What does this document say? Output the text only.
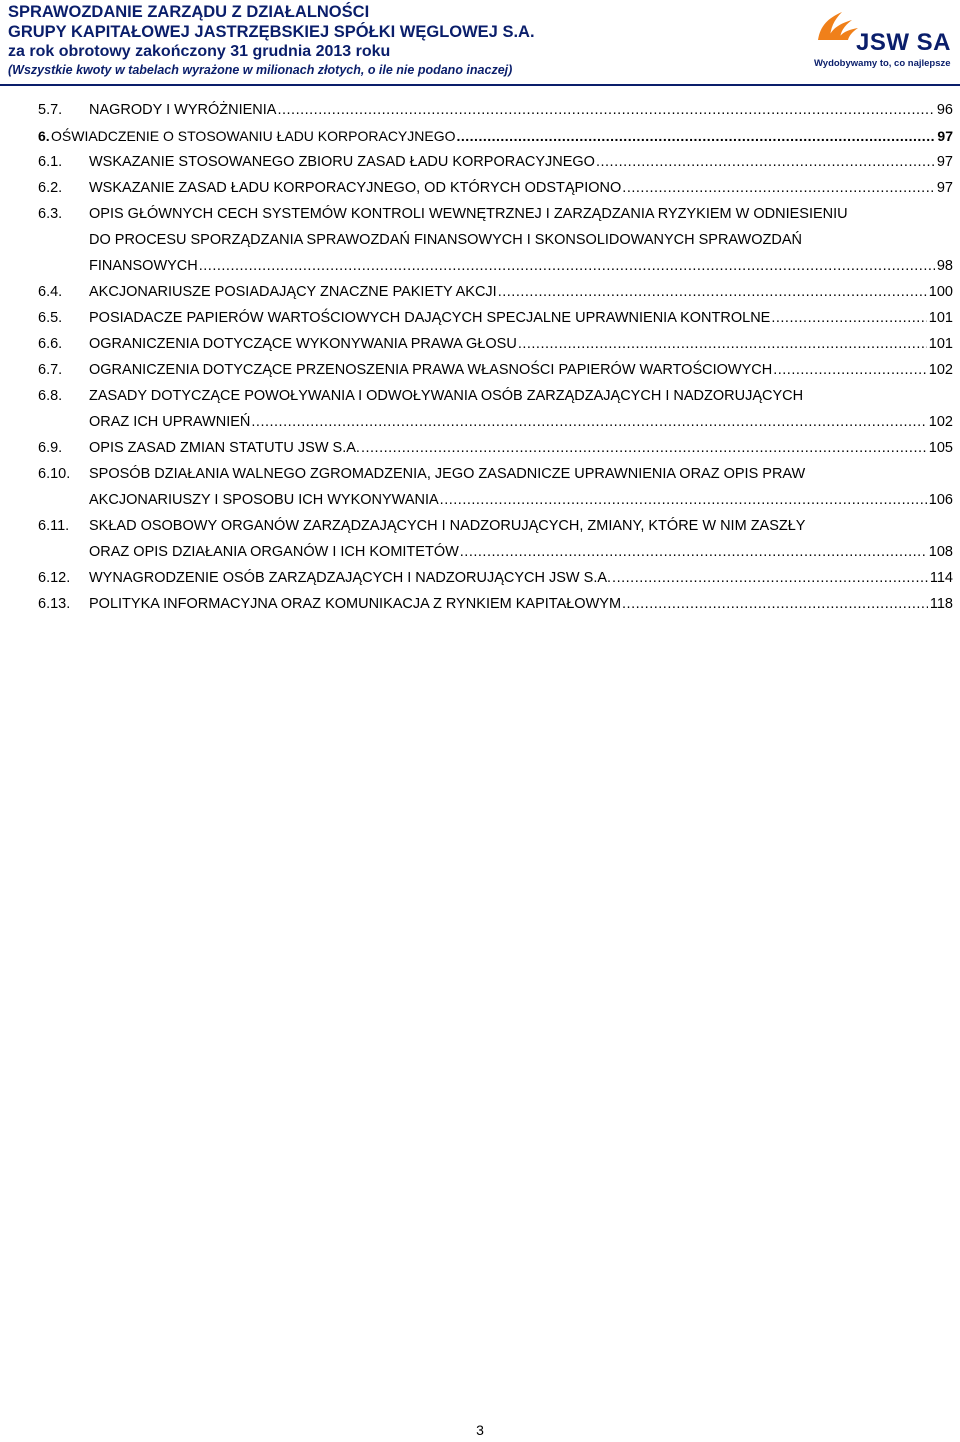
SPRAWOZDANIE ZARZĄDU Z DZIAŁALNOŚCI
GRUPY KAPITAŁOWEJ JASTRZĘBSKIEJ SPÓŁKI WĘGLOWEJ S.A.
za rok obrotowy zakończony 31 grudnia 2013 roku
(Wszystkie kwoty w tabelach wyrażone w milionach złotych, o ile nie podano inaczej)
JSW SA
Wydobywamy to, co najlepsze
5.7. NAGRODY I WYRÓŻNIENIA .....	96
6. OŚWIADCZENIE O STOSOWANIU ŁADU KORPORACYJNEGO .....	97
6.1. WSKAZANIE STOSOWANEGO ZBIORU ZASAD ŁADU KORPORACYJNEGO .....	97
6.2. WSKAZANIE ZASAD ŁADU KORPORACYJNEGO, OD KTÓRYCH ODSTĄPIONO .....	97
6.3. OPIS GŁÓWNYCH CECH SYSTEMÓW KONTROLI WEWNĘTRZNEJ I ZARZĄDZANIA RYZYKIEM W ODNIESIENIU
DO PROCESU SPORZĄDZANIA SPRAWOZDAŃ FINANSOWYCH I SKONSOLIDOWANYCH SPRAWOZDAŃ
FINANSOWYCH .....	98
6.4. AKCJONARIUSZE POSIADAJĄCY ZNACZNE PAKIETY AKCJI .....	100
6.5. POSIADACZE PAPIERÓW WARTOŚCIOWYCH DAJĄCYCH SPECJALNE UPRAWNIENIA KONTROLNE .....	101
6.6. OGRANICZENIA DOTYCZĄCE WYKONYWANIA PRAWA GŁOSU .....	101
6.7. OGRANICZENIA DOTYCZĄCE PRZENOSZENIA PRAWA WŁASNOŚCI PAPIERÓW WARTOŚCIOWYCH .....	102
6.8. ZASADY DOTYCZĄCE POWOŁYWANIA I ODWOŁYWANIA OSÓB ZARZĄDZAJĄCYCH I NADZORUJĄCYCH
ORAZ ICH UPRAWNIEŃ .....	102
6.9. OPIS ZASAD ZMIAN STATUTU JSW S.A. .....	105
6.10. SPOSÓB DZIAŁANIA WALNEGO ZGROMADZENIA, JEGO ZASADNICZE UPRAWNIENIA ORAZ OPIS PRAW
AKCJONARIUSZY I SPOSOBU ICH WYKONYWANIA .....	106
6.11. SKŁAD OSOBOWY ORGANÓW ZARZĄDZAJĄCYCH I NADZORUJĄCYCH, ZMIANY, KTÓRE W NIM ZASZŁY
ORAZ OPIS DZIAŁANIA ORGANÓW I ICH KOMITETÓW .....	108
6.12. WYNAGRODZENIE OSÓB ZARZĄDZAJĄCYCH I NADZORUJĄCYCH JSW S.A. .....	114
6.13. POLITYKA INFORMACYJNA ORAZ KOMUNIKACJA Z RYNKIEM KAPITAŁOWYM .....	118
3
